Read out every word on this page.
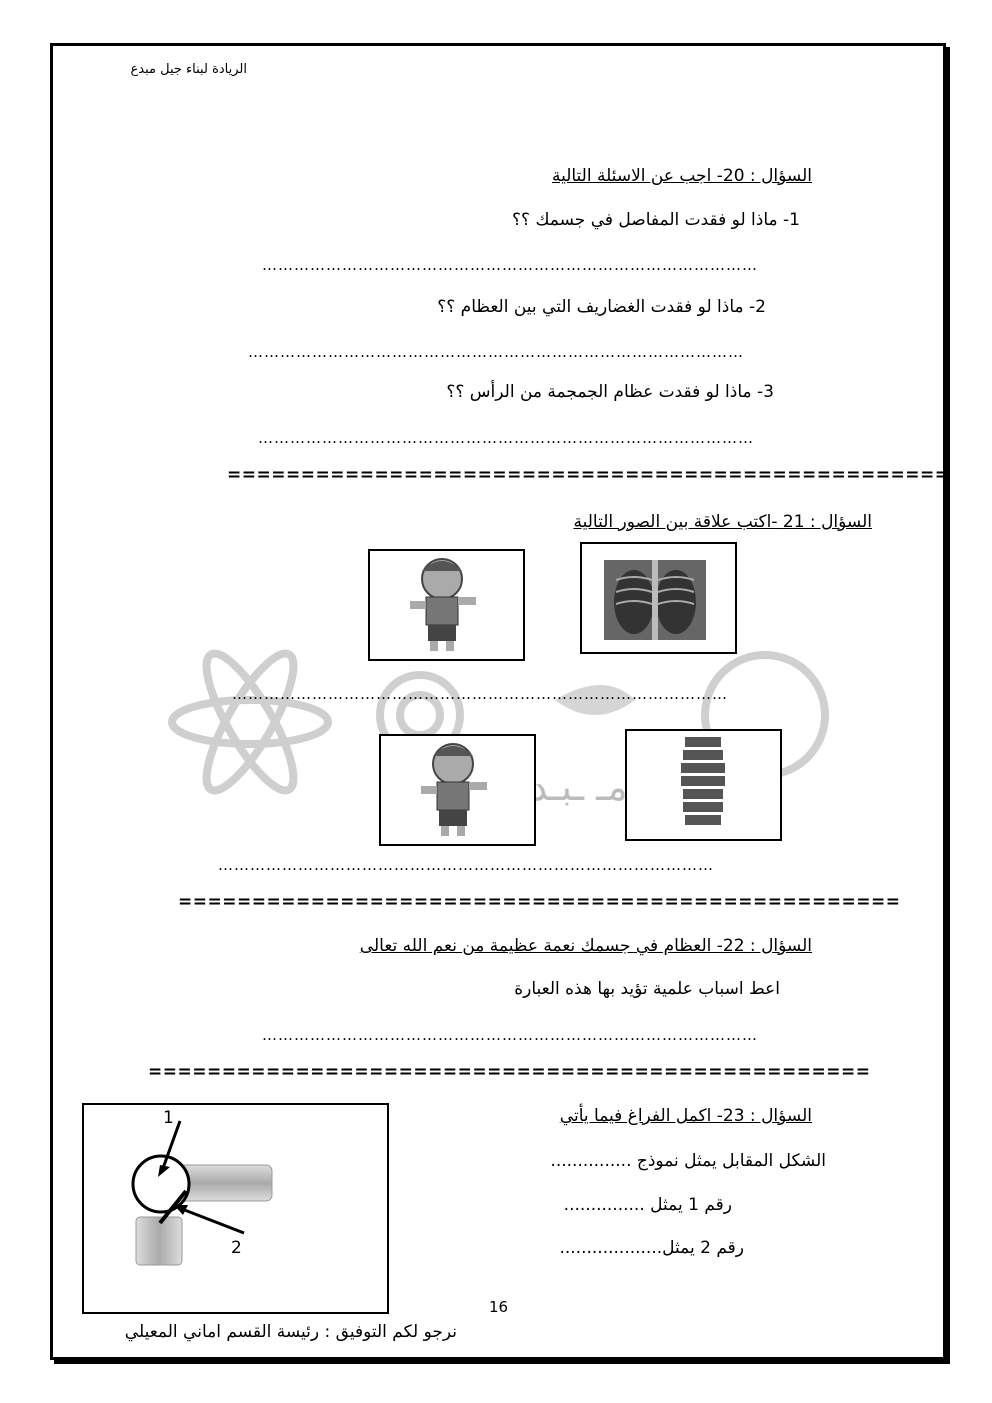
مـ ـبـدا
الريادة لبناء جيل مبدع
السؤال : 20- اجب عن الاسئلة التالية
1- ماذا لو فقدت المفاصل في جسمك ؟؟
…………………………………………………………………………………
2- ماذا لو فقدت الغضاريف التي بين العظام ؟؟
…………………………………………………………………………………
3- ماذا لو فقدت عظام الجمجمة من الرأس ؟؟
…………………………………………………………………………………
=================================================
السؤال : 21 -اكتب علاقة بين الصور التالية
…………………………………………………………………………………
…………………………………………………………………………………
=================================================
السؤال : 22- العظام في جسمك نعمة عظيمة من نعم الله تعالى
اعط اسباب علمية تؤيد بها هذه العبارة
…………………………………………………………………………………
=================================================
السؤال : 23- اكمل الفراغ فيما يأتي
الشكل المقابل يمثل نموذج ...............
رقم 1 يمثل ...............
رقم 2 يمثل...................
1
2
16
نرجو لكم التوفيق : رئيسة القسم اماني المعيلي
